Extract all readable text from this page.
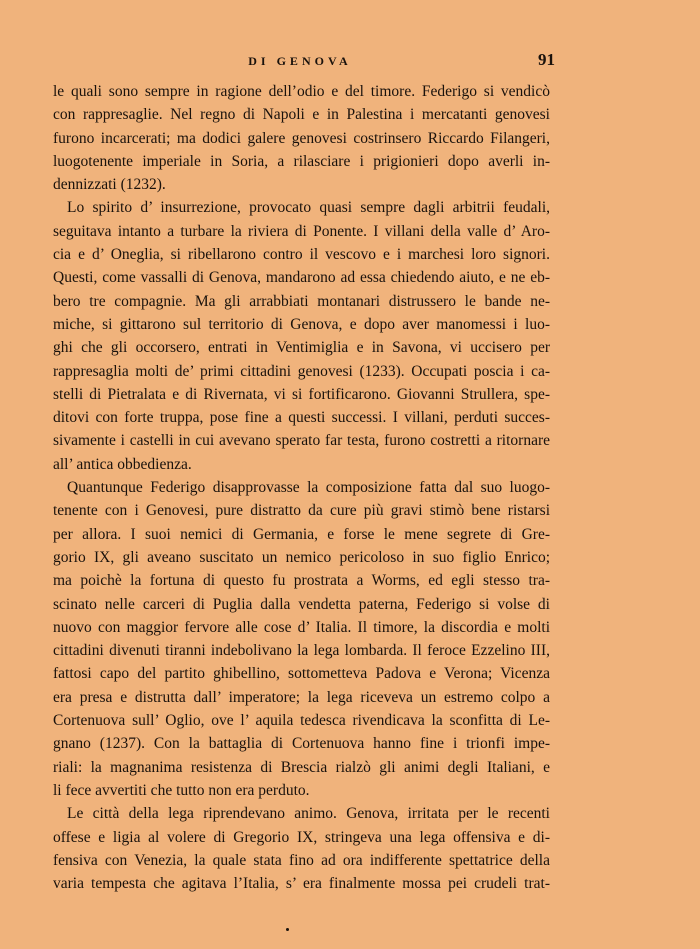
DI GENOVA	91

le quali sono sempre in ragione dell’odio e del timore. Federigo si vendicò
con rappresaglie. Nel regno di Napoli e in Palestina i mercatanti genovesi
furono incarcerati; ma dodici galere genovesi costrinsero Riccardo Filangeri,
luogotenente imperiale in Soria, a rilasciare i prigionieri dopo averli in-
dennizzati (1232).

Lo spirito d’ insurrezione, provocato quasi sempre dagli arbitrii feudali,
seguitava intanto a turbare la riviera di Ponente. I villani della valle d’ Aro-
cia e d’ Oneglia, si ribellarono contro il vescovo e i marchesi loro signori.
Questi, come vassalli di Genova, mandarono ad essa chiedendo aiuto, e ne eb-
bero tre compagnie. Ma gli arrabbiati montanari distrussero le bande ne-
miche, si gittarono sul territorio di Genova, e dopo aver manomessi i luo-
ghi che gli occorsero, entrati in Ventimiglia e in Savona, vi uccisero per
rappresaglia molti de’ primi cittadini genovesi (1233). Occupati poscia i ca-
stelli di Pietralata e di Rivernata, vi si fortificarono. Giovanni Strullera, spe-
ditovi con forte truppa, pose fine a questi successi. I villani, perduti succes-
sivamente i castelli in cui avevano sperato far testa, furono costretti a ritornare
all’ antica obbedienza.

Quantunque Federigo disapprovasse la composizione fatta dal suo luogo-
tenente con i Genovesi, pure distratto da cure più gravi stimò bene ristarsi
per allora. I suoi nemici di Germania, e forse le mene segrete di Gre-
gorio IX, gli aveano suscitato un nemico pericoloso in suo figlio Enrico;
ma poichè la fortuna di questo fu prostrata a Worms, ed egli stesso tra-
scinato nelle carceri di Puglia dalla vendetta paterna, Federigo si volse di
nuovo con maggior fervore alle cose d’ Italia. Il timore, la discordia e molti
cittadini divenuti tiranni indebolivano la lega lombarda. Il feroce Ezzelino III,
fattosi capo del partito ghibellino, sottometteva Padova e Verona; Vicenza
era presa e distrutta dall’ imperatore; la lega riceveva un estremo colpo a
Cortenuova sull’ Oglio, ove l’ aquila tedesca rivendicava la sconfitta di Le-
gnano (1237). Con la battaglia di Cortenuova hanno fine i trionfi impe-
riali: la magnanima resistenza di Brescia rialzò gli animi degli Italiani, e
li fece avvertiti che tutto non era perduto.

Le città della lega riprendevano animo. Genova, irritata per le recenti
offese e ligia al volere di Gregorio IX, stringeva una lega offensiva e di-
fensiva con Venezia, la quale stata fino ad ora indifferente spettatrice della
varia tempesta che agitava l’Italia, s’ era finalmente mossa pei crudeli trat-
